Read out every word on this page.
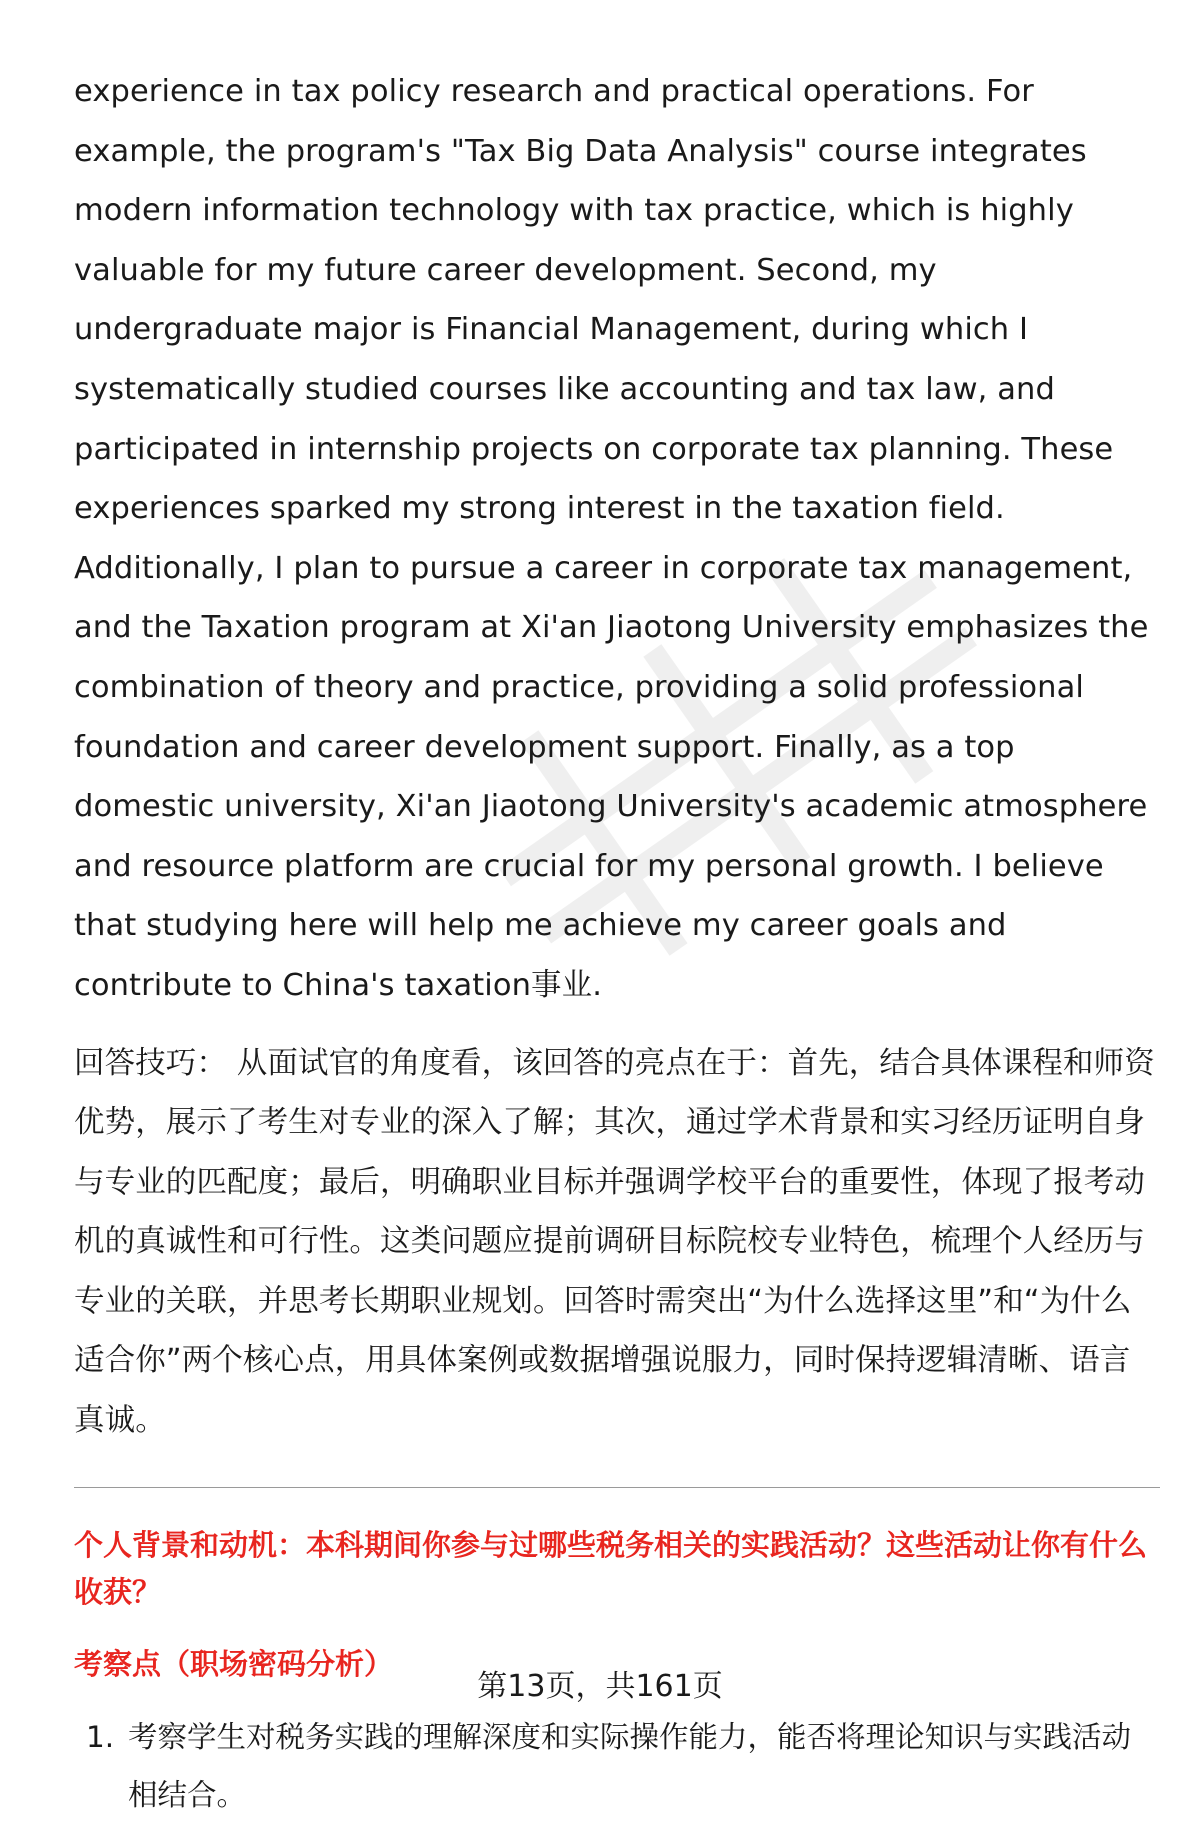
experience in tax policy research and practical operations. For example, the program's "Tax Big Data Analysis" course integrates modern information technology with tax practice, which is highly valuable for my future career development. Second, my undergraduate major is Financial Management, during which I systematically studied courses like accounting and tax law, and participated in internship projects on corporate tax planning. These experiences sparked my strong interest in the taxation field. Additionally, I plan to pursue a career in corporate tax management, and the Taxation program at Xi'an Jiaotong University emphasizes the combination of theory and practice, providing a solid professional foundation and career development support. Finally, as a top domestic university, Xi'an Jiaotong University's academic atmosphere and resource platform are crucial for my personal growth. I believe that studying here will help me achieve my career goals and contribute to China's taxation事业.

回答技巧： 从面试官的角度看，该回答的亮点在于：首先，结合具体课程和师资优势，展示了考生对专业的深入了解；其次，通过学术背景和实习经历证明自身与专业的匹配度；最后，明确职业目标并强调学校平台的重要性，体现了报考动机的真诚性和可行性。这类问题应提前调研目标院校专业特色，梳理个人经历与专业的关联，并思考长期职业规划。回答时需突出“为什么选择这里”和“为什么适合你”两个核心点，用具体案例或数据增强说服力，同时保持逻辑清晰、语言真诚。

个人背景和动机：本科期间你参与过哪些税务相关的实践活动？这些活动让你有什么收获？
考察点（职场密码分析）
1. 考察学生对税务实践的理解深度和实际操作能力，能否将理论知识与实践活动相结合。
第13页，共161页
